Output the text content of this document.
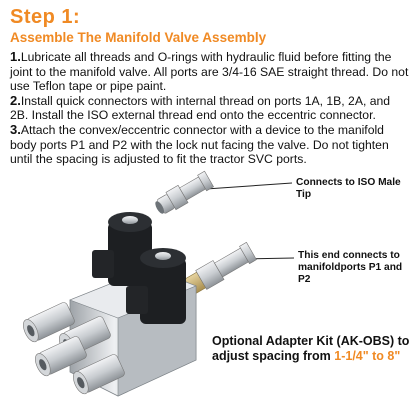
Step 1:
Assemble The Manifold Valve Assembly

1.Lubricate all threads and O-rings with hydraulic fluid before fitting the joint to the manifold valve. All ports are 3/4-16 SAE straight thread. Do not use Teflon tape or pipe paint.

2.Install quick connectors with internal thread on ports 1A, 1B, 2A, and 2B. Install the ISO external thread end onto the eccentric connector.

3.Attach the convex/eccentric connector with a device to the manifold body ports P1 and P2 with the lock nut facing the valve. Do not tighten until the spacing is adjusted to fit the tractor SVC ports.

Connects to ISO Male Tip
This end connects to
manifoldports P1 and P2
Optional Adapter Kit (AK-OBS) to
adjust spacing from 1-1/4" to 8"
